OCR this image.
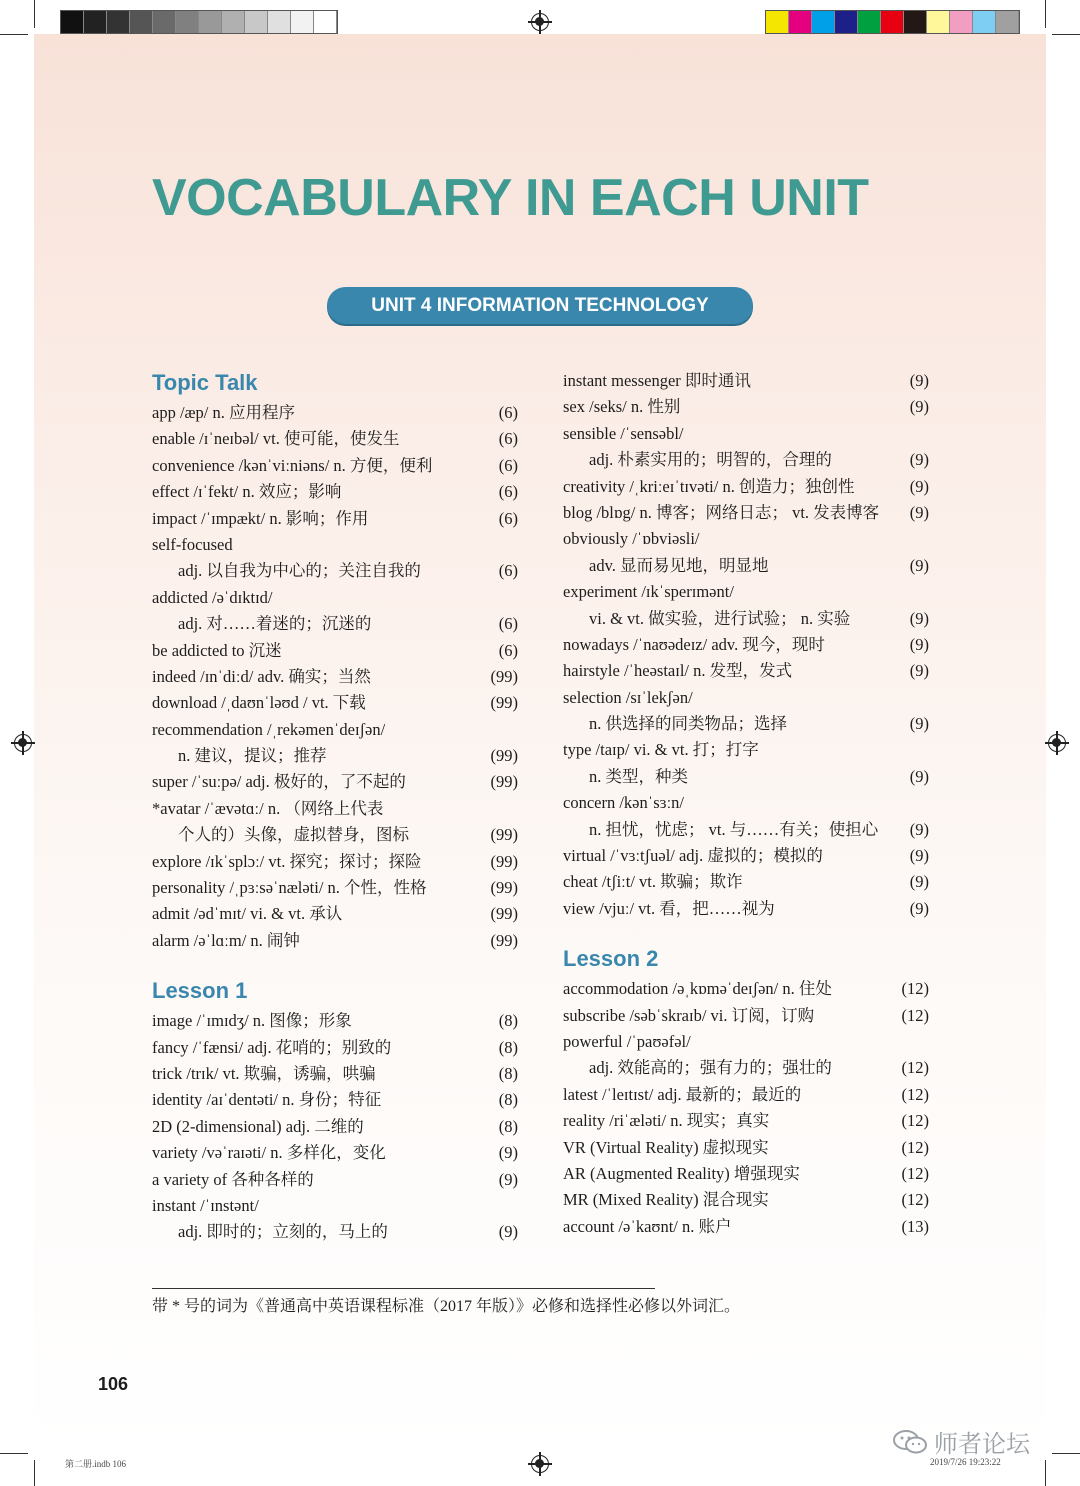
VOCABULARY IN EACH UNIT
UNIT 4 INFORMATION TECHNOLOGY
Topic Talk
app /æp/ n. 应用程序	(6)
enable /ɪˈneɪbəl/ vt. 使可能，使发生	(6)
convenience /kənˈviːniəns/ n. 方便，便利	(6)
effect /ɪˈfekt/ n. 效应；影响	(6)
impact /ˈɪmpækt/ n. 影响；作用	(6)
self-focused
adj. 以自我为中心的；关注自我的	(6)
addicted /əˈdɪktɪd/
adj. 对……着迷的；沉迷的	(6)
be addicted to 沉迷	(6)
indeed /ɪnˈdiːd/ adv. 确实；当然	(99)
download /ˌdaʊnˈləʊd / vt. 下载	(99)
recommendation /ˌrekəmenˈdeɪʃən/
n. 建议，提议；推荐	(99)
super /ˈsuːpə/ adj. 极好的，了不起的	(99)
*avatar /ˈævətɑː/ n. （网络上代表
个人的）头像，虚拟替身，图标	(99)
explore /ɪkˈsplɔː/ vt. 探究；探讨；探险	(99)
personality /ˌpɜːsəˈnæləti/ n. 个性，性格	(99)
admit /ədˈmɪt/ vi. & vt. 承认	(99)
alarm /əˈlɑːm/ n. 闹钟	(99)
Lesson 1
image /ˈɪmɪdʒ/ n. 图像；形象	(8)
fancy /ˈfænsi/ adj. 花哨的；别致的	(8)
trick /trɪk/ vt. 欺骗，诱骗，哄骗	(8)
identity /aɪˈdentəti/ n. 身份；特征	(8)
2D (2-dimensional) adj. 二维的	(8)
variety /vəˈraɪəti/ n. 多样化，变化	(9)
a variety of 各种各样的	(9)
instant /ˈɪnstənt/
adj. 即时的；立刻的，马上的	(9)
instant messenger 即时通讯	(9)
sex /seks/ n. 性别	(9)
sensible /ˈsensəbl/
adj. 朴素实用的；明智的，合理的	(9)
creativity /ˌkriːeɪˈtɪvəti/ n. 创造力；独创性	(9)
blog /blɒg/ n. 博客；网络日志； vt. 发表博客	(9)
obviously /ˈɒbviəsli/
adv. 显而易见地，明显地	(9)
experiment /ɪkˈsperɪmənt/
vi. & vt. 做实验，进行试验； n. 实验	(9)
nowadays /ˈnaʊədeɪz/ adv. 现今，现时	(9)
hairstyle /ˈheəstaɪl/ n. 发型，发式	(9)
selection /sɪˈlekʃən/
n. 供选择的同类物品；选择	(9)
type /taɪp/ vi. & vt. 打；打字
n. 类型，种类	(9)
concern /kənˈsɜːn/
n. 担忧，忧虑； vt. 与……有关；使担心	(9)
virtual /ˈvɜːtʃuəl/ adj. 虚拟的；模拟的	(9)
cheat /tʃiːt/ vt. 欺骗；欺诈	(9)
view /vjuː/ vt. 看，把……视为	(9)
Lesson 2
accommodation /əˌkɒməˈdeɪʃən/ n. 住处	(12)
subscribe /səbˈskraɪb/ vi. 订阅，订购	(12)
powerful /ˈpaʊəfəl/
adj. 效能高的；强有力的；强壮的	(12)
latest /ˈleɪtɪst/ adj. 最新的；最近的	(12)
reality /riˈæləti/ n. 现实；真实	(12)
VR (Virtual Reality) 虚拟现实	(12)
AR (Augmented Reality) 增强现实	(12)
MR (Mixed Reality) 混合现实	(12)
account /əˈkaʊnt/ n. 账户	(13)
带 * 号的词为《普通高中英语课程标准（2017 年版）》必修和选择性必修以外词汇。
106
第二册.indb 106	2019/7/26 19:23:22
师者论坛
